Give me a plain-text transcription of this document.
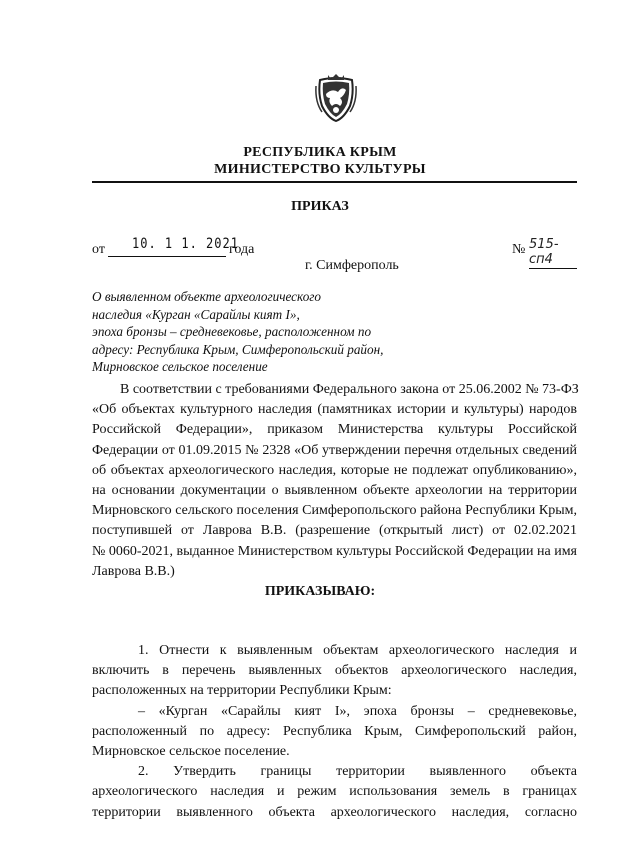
РЕСПУБЛИКА КРЫМ
МИНИСТЕРСТВО КУЛЬТУРЫ
ПРИКАЗ
от 10. 1 1. 2021
года	№ 515-сп4
г. Симферополь
О выявленном объекте археологического
наследия «Курган «Сарайлы кият I»,
эпоха бронзы – средневековье, расположенном по
адресу: Республика Крым, Симферопольский район,
Мирновское сельское поселение
В соответствии с требованиями Федерального закона от 25.06.2002 № 73-ФЗ
«Об объектах культурного наследия (памятниках истории и культуры) народов
Российской Федерации», приказом Министерства культуры Российской
Федерации от 01.09.2015 № 2328 «Об утверждении перечня отдельных сведений
об объектах археологического наследия, которые не подлежат опубликованию»,
на основании документации о выявленном объекте археологии на территории
Мирновского сельского поселения Симферопольского района Республики Крым,
поступившей от Лаврова В.В. (разрешение (открытый лист) от 02.02.2021
№ 0060-2021, выданное Министерством культуры Российской Федерации на имя
Лаврова В.В.)
ПРИКАЗЫВАЮ:
1. Отнести к выявленным объектам археологического наследия и
включить в перечень выявленных объектов археологического наследия,
расположенных на территории Республики Крым:
– «Курган «Сарайлы кият I», эпоха бронзы – средневековье,
расположенный по адресу: Республика Крым, Симферопольский район,
Мирновское сельское поселение.
2. Утвердить границы территории выявленного объекта
археологического наследия и режим использования земель в границах
территории выявленного объекта археологического наследия, согласно
